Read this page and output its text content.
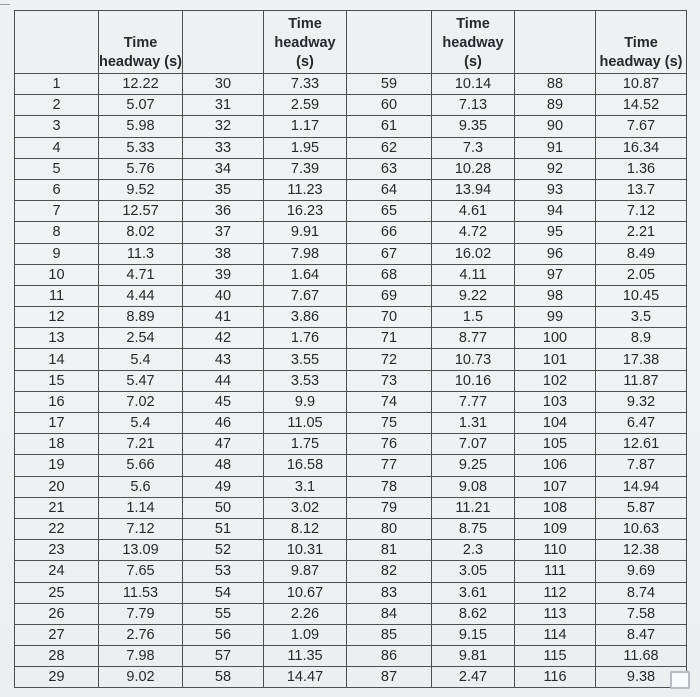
	Time headway (s)		Time headway (s)		Time headway (s)		Time headway (s)
1	12.22	30	7.33	59	10.14	88	10.87
2	5.07	31	2.59	60	7.13	89	14.52
3	5.98	32	1.17	61	9.35	90	7.67
4	5.33	33	1.95	62	7.3	91	16.34
5	5.76	34	7.39	63	10.28	92	1.36
6	9.52	35	11.23	64	13.94	93	13.7
7	12.57	36	16.23	65	4.61	94	7.12
8	8.02	37	9.91	66	4.72	95	2.21
9	11.3	38	7.98	67	16.02	96	8.49
10	4.71	39	1.64	68	4.11	97	2.05
11	4.44	40	7.67	69	9.22	98	10.45
12	8.89	41	3.86	70	1.5	99	3.5
13	2.54	42	1.76	71	8.77	100	8.9
14	5.4	43	3.55	72	10.73	101	17.38
15	5.47	44	3.53	73	10.16	102	11.87
16	7.02	45	9.9	74	7.77	103	9.32
17	5.4	46	11.05	75	1.31	104	6.47
18	7.21	47	1.75	76	7.07	105	12.61
19	5.66	48	16.58	77	9.25	106	7.87
20	5.6	49	3.1	78	9.08	107	14.94
21	1.14	50	3.02	79	11.21	108	5.87
22	7.12	51	8.12	80	8.75	109	10.63
23	13.09	52	10.31	81	2.3	110	12.38
24	7.65	53	9.87	82	3.05	111	9.69
25	11.53	54	10.67	83	3.61	112	8.74
26	7.79	55	2.26	84	8.62	113	7.58
27	2.76	56	1.09	85	9.15	114	8.47
28	7.98	57	11.35	86	9.81	115	11.68
29	9.02	58	14.47	87	2.47	116	9.38
